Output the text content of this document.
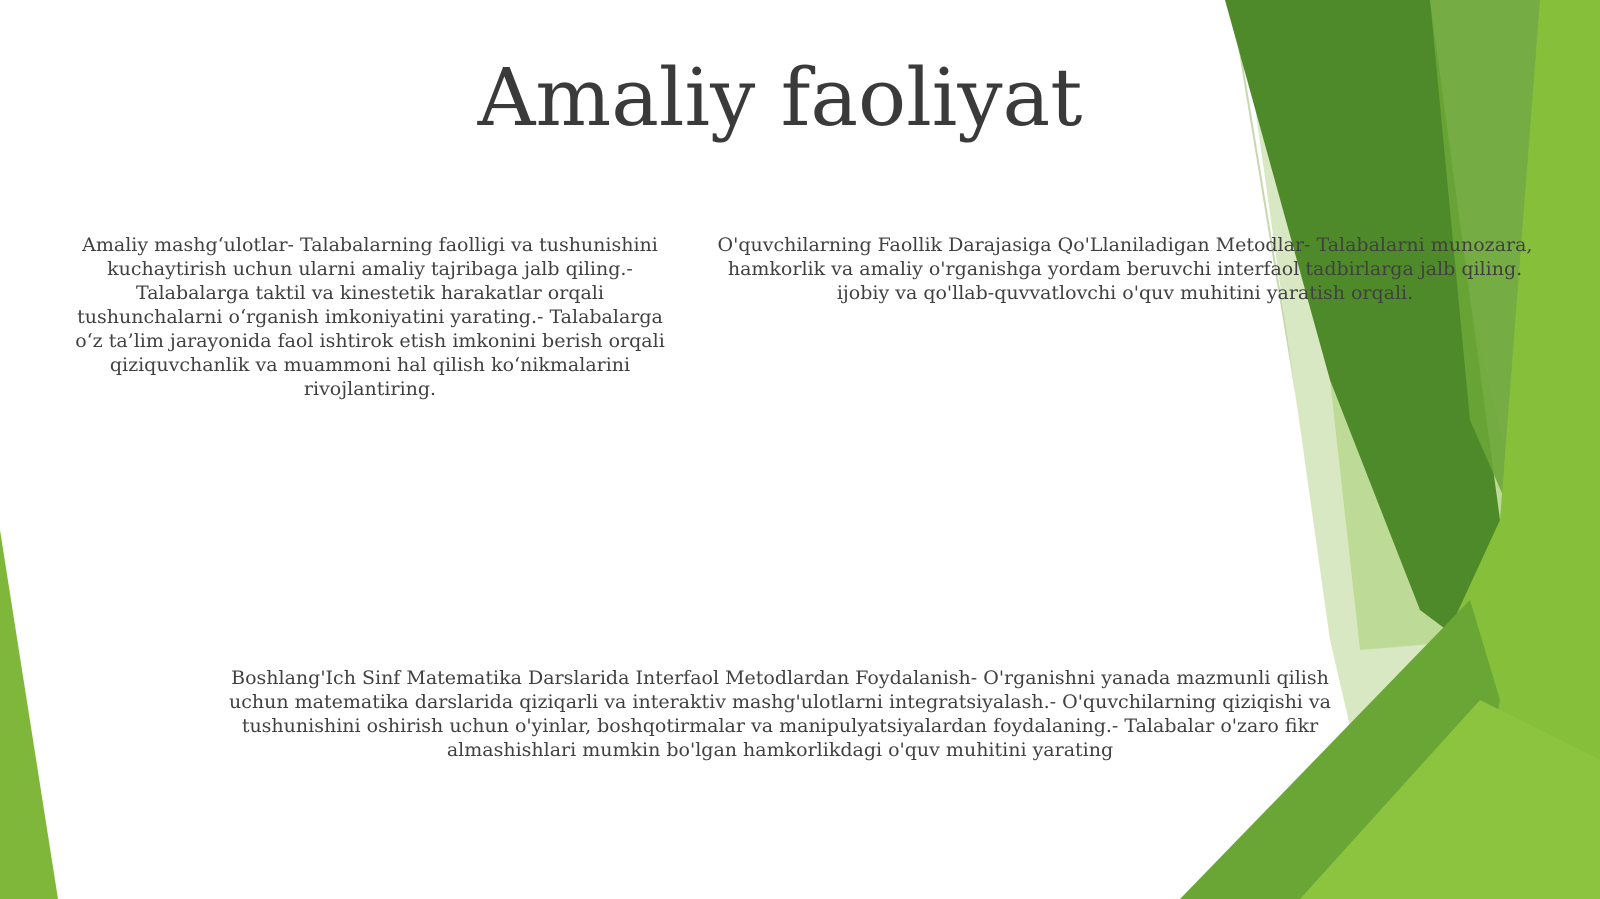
Amaliy faoliyat
Amaliy mashg‘ulotlar- Talabalarning faolligi va tushunishini kuchaytirish uchun ularni amaliy tajribaga jalb qiling.- Talabalarga taktil va kinestetik harakatlar orqali tushunchalarni o‘rganish imkoniyatini yarating.- Talabalarga o‘z ta’lim jarayonida faol ishtirok etish imkonini berish orqali qiziquvchanlik va muammoni hal qilish ko‘nikmalarini rivojlantiring.
O'quvchilarning Faollik Darajasiga Qo'Llaniladigan Metodlar- Talabalarni munozara,
hamkorlik va amaliy o'rganishga yordam beruvchi interfaol tadbirlarga jalb qiling.
ijobiy va qo'llab-quvvatlovchi o'quv muhitini yaratish orqali.
Boshlang'Ich Sinf Matematika Darslarida Interfaol Metodlardan Foydalanish- O'rganishni yanada mazmunli qilish
uchun matematika darslarida qiziqarli va interaktiv mashg'ulotlarni integratsiyalash.- O'quvchilarning qiziqishi va
tushunishini oshirish uchun o'yinlar, boshqotirmalar va manipulyatsiyalardan foydalaning.- Talabalar o'zaro fikr
almashishlari mumkin bo'lgan hamkorlikdagi o'quv muhitini yarating
